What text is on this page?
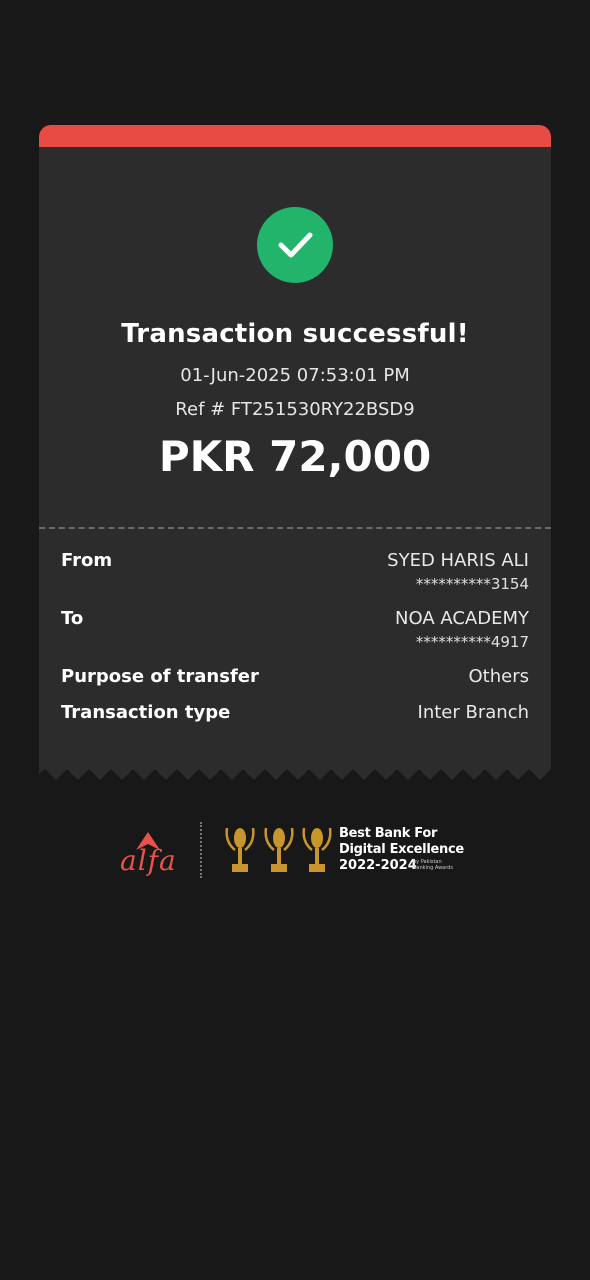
Transaction successful!
01-Jun-2025 07:53:01 PM
Ref # FT251530RY22BSD9
PKR 72,000
From	SYED HARIS ALI
**********3154
To	NOA ACADEMY
**********4917
Purpose of transfer	Others
Transaction type	Inter Branch
alfa
Best Bank For
Digital Excellence
2022-2024
by Pakistan
Banking Awards
